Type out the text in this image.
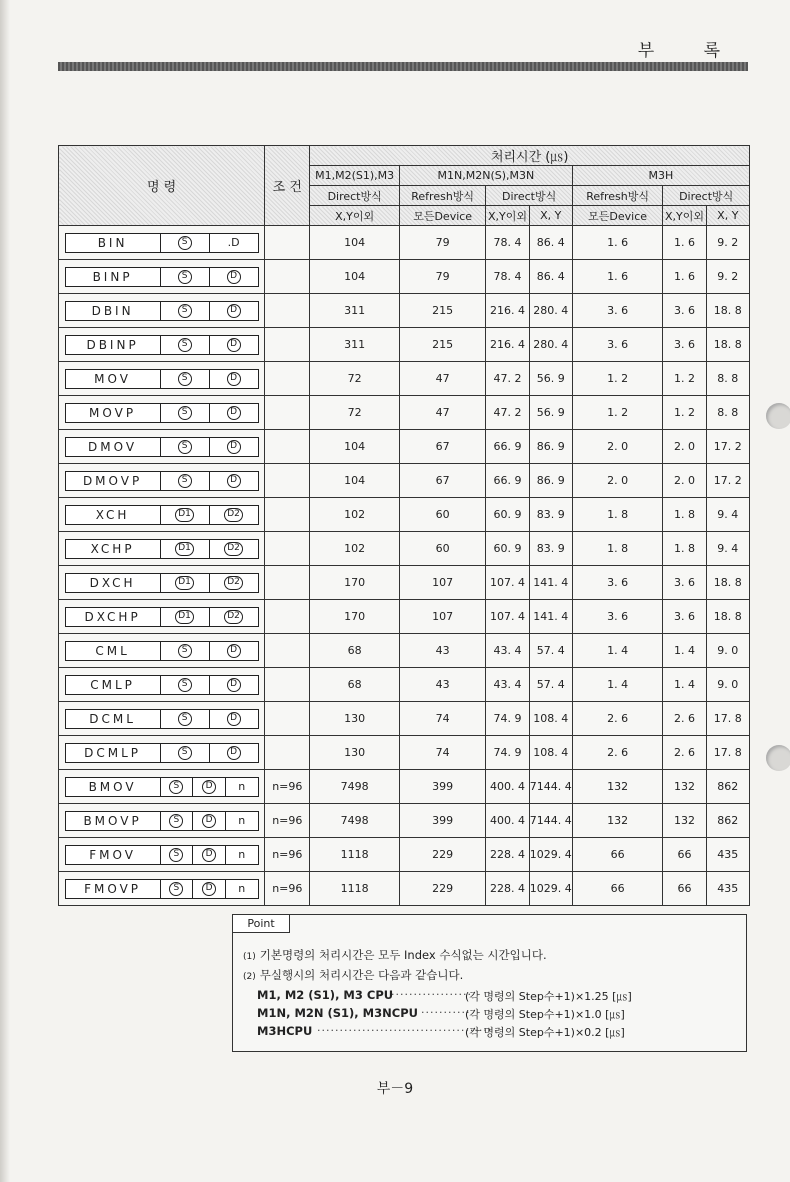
부 록
명 령	조 건	처리시간 (㎲)						
		M1,M2(S1),M3	M1N,M2N(S),M3N			M3H		
		Direct방식	Refresh방식	Direct방식		Refresh방식	Direct방식	
		X,Y이외	모든Device	X,Y이외	X, Y	모든Device	X,Y이외	X, Y

BIN S .D		104	79	78. 4	86. 4	1. 6	1. 6	9. 2

BINP S D		104	79	78. 4	86. 4	1. 6	1. 6	9. 2

DBIN S D		311	215	216. 4	280. 4	3. 6	3. 6	18. 8

DBINP S D		311	215	216. 4	280. 4	3. 6	3. 6	18. 8

MOV S D		72	47	47. 2	56. 9	1. 2	1. 2	8. 8

MOVP S D		72	47	47. 2	56. 9	1. 2	1. 2	8. 8

DMOV S D		104	67	66. 9	86. 9	2. 0	2. 0	17. 2

DMOVP S D		104	67	66. 9	86. 9	2. 0	2. 0	17. 2

XCH D1 D2		102	60	60. 9	83. 9	1. 8	1. 8	9. 4

XCHP D1 D2		102	60	60. 9	83. 9	1. 8	1. 8	9. 4

DXCH D1 D2		170	107	107. 4	141. 4	3. 6	3. 6	18. 8

DXCHP D1 D2		170	107	107. 4	141. 4	3. 6	3. 6	18. 8

CML S D		68	43	43. 4	57. 4	1. 4	1. 4	9. 0

CMLP S D		68	43	43. 4	57. 4	1. 4	1. 4	9. 0

DCML S D		130	74	74. 9	108. 4	2. 6	2. 6	17. 8

DCMLP S D		130	74	74. 9	108. 4	2. 6	2. 6	17. 8

BMOV S D n	n=96	7498	399	400. 4	7144. 4	132	132	862

BMOVP S D n	n=96	7498	399	400. 4	7144. 4	132	132	862

FMOV S D n	n=96	1118	229	228. 4	1029. 4	66	66	435

FMOVP S D n	n=96	1118	229	228. 4	1029. 4	66	66	435
Point
(1) 기본명령의 처리시간은 모두 Index 수식없는 시간입니다.
(2) 무실행시의 처리시간은 다음과 같습니다.
M1, M2 (S1), M3 CPU
··················
(각 명령의 Step수+1)×1.25 [㎲]
M1N, M2N (S1), M3NCPU ···········
(각 명령의 Step수+1)×1.0 [㎲]
M3HCPU ·······································
(각 명령의 Step수+1)×0.2 [㎲]
부－9
